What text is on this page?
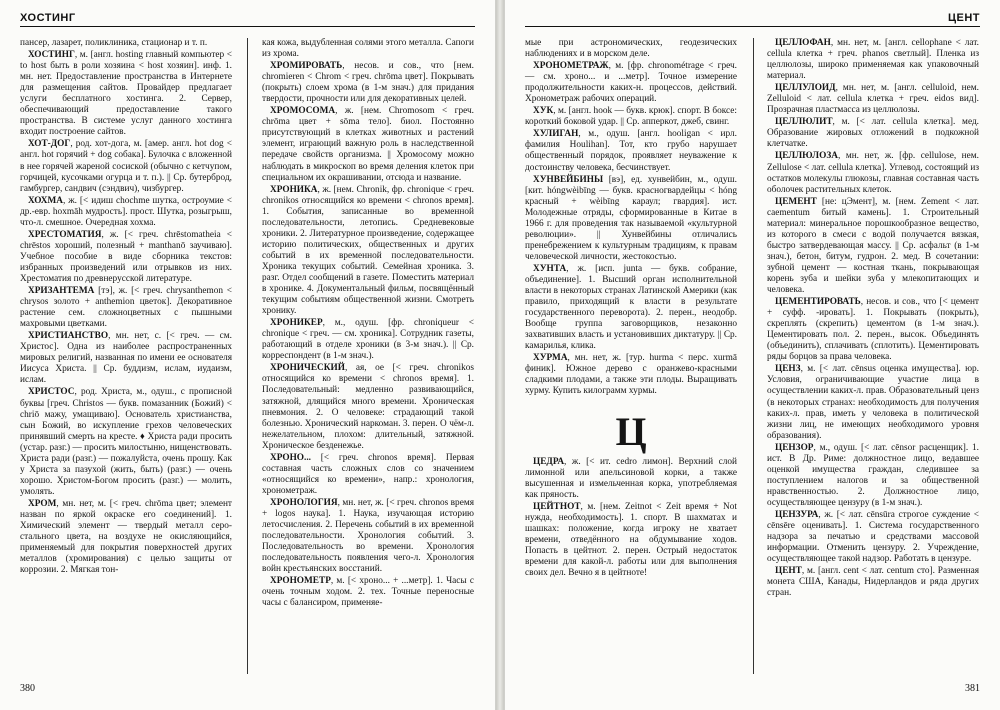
ХОСТИНГ

пансер, лазарет, поликлиника, стационар и т. п.

ХОСТИНГ, м. [англ. hosting главный компьютер < to host быть в роли хозяина < host хозяин]. инф. 1. мн. нет. Предоставление пространства в Интернете для размещения сайтов. Провайдер предлагает услуги бесплатного хостинга. 2. Сервер, обеспечивающий предоставление такого пространства. В системе услуг данного хостинга входит построение сайтов.

ХОТ-ДОГ, род. хот-дога, м. [амер. англ. hot dog < англ. hot горячий + dog собака]. Булочка с вложенной в нее горячей жареной сосиской (обычно с кетчупом, горчицей, кусочками огурца и т. п.). || Ср. бутерброд, гамбургер, сандвич (сэндвич), чизбургер.

ХОХМА, ж. [< идиш chochme шутка, остроумие < др.-евр. hoxmāh мудрость]. прост. Шутка, розыгрыш, что-л. смешное. Очередная хохма.

ХРЕСТОМАТИЯ, ж. [< греч. chrēstomatheia < chrēstos хороший, полезный + manthanō заучиваю]. Учебное пособие в виде сборника текстов: избранных произведений или отрывков из них. Хрестоматия по древнерусской литературе.

ХРИЗАНТЕМА [тэ], ж. [< греч. chrysanthemon < chrysos золото + anthemion цветок]. Декоративное растение сем. сложноцветных с пышными махровыми цветками.

ХРИСТИАНСТВО, мн. нет, с. [< греч. — см. Христос]. Одна из наиболее распространенных мировых религий, названная по имени ее основателя Иисуса Христа. || Ср. буддизм, ислам, иудаизм, ислам.

ХРИСТОС, род. Христа, м., одуш., с прописной буквы [греч. Christos — букв. помазанник (Божий) < chriō мажу, умащиваю]. Основатель христианства, сын Божий, во искупление грехов человеческих принявший смерть на кресте. ♦ Христа ради просить (устар. разг.) — просить милостыню, нищенствовать. Христа ради (разг.) — пожалуйста, очень прошу. Как у Христа за пазухой (жить, быть) (разг.) — очень хорошо. Христом-Богом просить (разг.) — молить, умолять.

ХРОМ, мн. нет, м. [< греч. chrōma цвет; элемент назван по яркой окраске его соединений]. 1. Химический элемент — твердый металл серо-стального цвета, на воздухе не окисляющийся, применяемый для покрытия поверхностей других металлов (хромирования) с целью защиты от коррозии. 2. Мягкая тон-

кая кожа, выдубленная солями этого металла. Сапоги из хрома.

ХРОМИРОВАТЬ, несов. и сов., что [нем. chromieren < Chrom < греч. chrōma цвет]. Покрывать (покрыть) слоем хрома (в 1-м знач.) для придания твердости, прочности или для декоративных целей.

ХРОМОСОМА, ж. [нем. Chromosom < греч. chrōma цвет + sōma тело]. биол. Постоянно присутствующий в клетках животных и растений элемент, играющий важную роль в наследственной передаче свойств организма. || Хромосому можно наблюдать в микроскоп во время деления клеток при специальном их окрашивании, отсюда и название.

ХРОНИКА, ж. [нем. Chronik, фр. chronique < греч. chronikos относящийся ко времени < chronos время]. 1. События, записанные во временной последовательности, летопись. Средневековые хроники. 2. Литературное произведение, содержащее историю политических, общественных и других событий в их временной последовательности. Хроника текущих событий. Семейная хроника. 3. разг. Отдел сообщений в газете. Поместить материал в хронике. 4. Документальный фильм, посвящённый текущим событиям общественной жизни. Смотреть хронику.

ХРОНИКЕР, м., одуш. [фр. chroniqueur < chronique < греч. — см. хроника]. Сотрудник газеты, работающий в отделе хроники (в 3-м знач.). || Ср. корреспондент (в 1-м знач.).

ХРОНИЧЕСКИЙ, ая, ое [< греч. chronikos относящийся ко времени < chronos время]. 1. Последовательный: медленно развивающийся, затяжной, длящийся много времени. Хроническая пневмония. 2. О человеке: страдающий такой болезнью. Хронический наркоман. 3. перен. О чём-л. нежелательном, плохом: длительный, затяжной. Хроническое безденежье.

ХРОНО... [< греч. chronos время]. Первая составная часть сложных слов со значением «относящийся ко времени», напр.: хронология, хронометраж.

ХРОНОЛОГИЯ, мн. нет, ж. [< греч. chronos время + logos наука]. 1. Наука, изучающая историю летосчисления. 2. Перечень событий в их временной последовательности. Хронология событий. 3. Последовательность во времени. Хронология последовательность появления чего-л. Хронология войн крестьянских восстаний.

ХРОНОМЕТР, м. [< хроно... + ...метр]. 1. Часы с очень точным ходом. 2. тех. Точные переносные часы с балансиром, применяе-

380
ЦЕНТ

мые при астрономических, геодезических наблюдениях и в морском деле.

ХРОНОМЕТРАЖ, м. [фр. chronométrage < греч. — см. хроно... и ...метр]. Точное измерение продолжительности каких-н. процессов, действий. Хронометраж рабочих операций.

ХУК, м. [англ. hook — букв. крюк]. спорт. В боксе: короткий боковой удар. || Ср. апперкот, джеб, свинг.

ХУЛИГАН, м., одуш. [англ. hooligan < ирл. фамилия Houlihan]. Тот, кто грубо нарушает общественный порядок, проявляет неуважение к достоинству человека, бесчинствует.

ХУНВЕЙБИНЫ [вэ], ед. хунвейбин, м., одуш. [кит. hóngwèibīng — букв. красногвардейцы < hóng красный + wèibīng караул; гвардия]. ист. Молодежные отряды, сформированные в Китае в 1966 г. для проведения так называемой «культурной революции». || Хунвейбины отличались пренебрежением к культурным традициям, к правам человеческой личности, жестокостью.

ХУНТА, ж. [исп. junta — букв. собрание, объединение]. 1. Высший орган исполнительной власти в некоторых странах Латинской Америки (как правило, приходящий к власти в результате государственного переворота). 2. перен., неодобр. Вообще группа заговорщиков, незаконно захвативших власть и установивших диктатуру. || Ср. камарилья, клика.

ХУРМА, мн. нет, ж. [тур. hurma < перс. xurmā финик]. Южное дерево с оранжево-красными сладкими плодами, а также эти плоды. Выращивать хурму. Купить килограмм хурмы.

Ц

ЦЕДРА, ж. [< ит. cedro лимон]. Верхний слой лимонной или апельсиновой корки, а также высушенная и измельченная корка, употребляемая как пряность.

ЦЕЙТНОТ, м. [нем. Zeitnot < Zeit время + Not нужда, необходимость]. 1. спорт. В шахматах и шашках: положение, когда игроку не хватает времени, отведённого на обдумывание ходов. Попасть в цейтнот. 2. перен. Острый недостаток времени для какой-л. работы или для выполнения своих дел. Вечно я в цейтноте!

ЦЕЛЛОФАН, мн. нет, м. [англ. cellophane < лат. cellula клетка + греч. phanos светлый]. Пленка из целлюлозы, широко применяемая как упаковочный материал.

ЦЕЛЛУЛОИД, мн. нет, м. [англ. celluloid, нем. Zelluloid < лат. cellula клетка + греч. eidos вид]. Прозрачная пластмасса из целлюлозы.

ЦЕЛЛЮЛИТ, м. [< лат. cellula клетка]. мед. Образование жировых отложений в подкожной клетчатке.

ЦЕЛЛЮЛОЗА, мн. нет, ж. [фр. cellulose, нем. Zellulose < лат. cellula клетка]. Углевод, состоящий из остатков молекулы глюкозы, главная составная часть оболочек растительных клеток.

ЦЕМЕНТ [не: цЭмент], м. [нем. Zement < лат. caementum битый камень]. 1. Строительный материал: минеральное порошкообразное вещество, из которого в смеси с водой получается вязкая, быстро затвердевающая массу. || Ср. асфальт (в 1-м знач.), бетон, битум, гудрон. 2. мед. В сочетании: зубной цемент — костная ткань, покрывающая корень зуба и шейки зуба у млекопитающих и человека.

ЦЕМЕНТИРОВАТЬ, несов. и сов., что [< цемент + суфф. -ировать]. 1. Покрывать (покрыть), скреплять (скрепить) цементом (в 1-м знач.). Цементировать пол. 2. перен., высок. Объединять (объединить), сплачивать (сплотить). Цементировать ряды борцов за права человека.

ЦЕНЗ, м. [< лат. cēnsus оценка имущества]. юр. Условия, ограничивающие участие лица в осуществлении каких-л. прав. Образовательный ценз (в некоторых странах: необходимость для получения каких-л. прав, иметь у человека в политической жизни лиц, не имеющих необходимого уровня образования).

ЦЕНЗОР, м., одуш. [< лат. cēnsor расценщик]. 1. ист. В Др. Риме: должностное лицо, ведавшее оценкой имущества граждан, следившее за поступлением налогов и за общественной нравственностью. 2. Должностное лицо, осуществляющее цензуру (в 1-м знач.).

ЦЕНЗУРА, ж. [< лат. cēnsūra строгое суждение < cēnsēre оценивать]. 1. Система государственного надзора за печатью и средствами массовой информации. Отменить цензуру. 2. Учреждение, осуществляющее такой надзор. Работать в цензуре.

ЦЕНТ, м. [англ. cent < лат. centum сто]. Разменная монета США, Канады, Нидерландов и ряда других стран.

381
